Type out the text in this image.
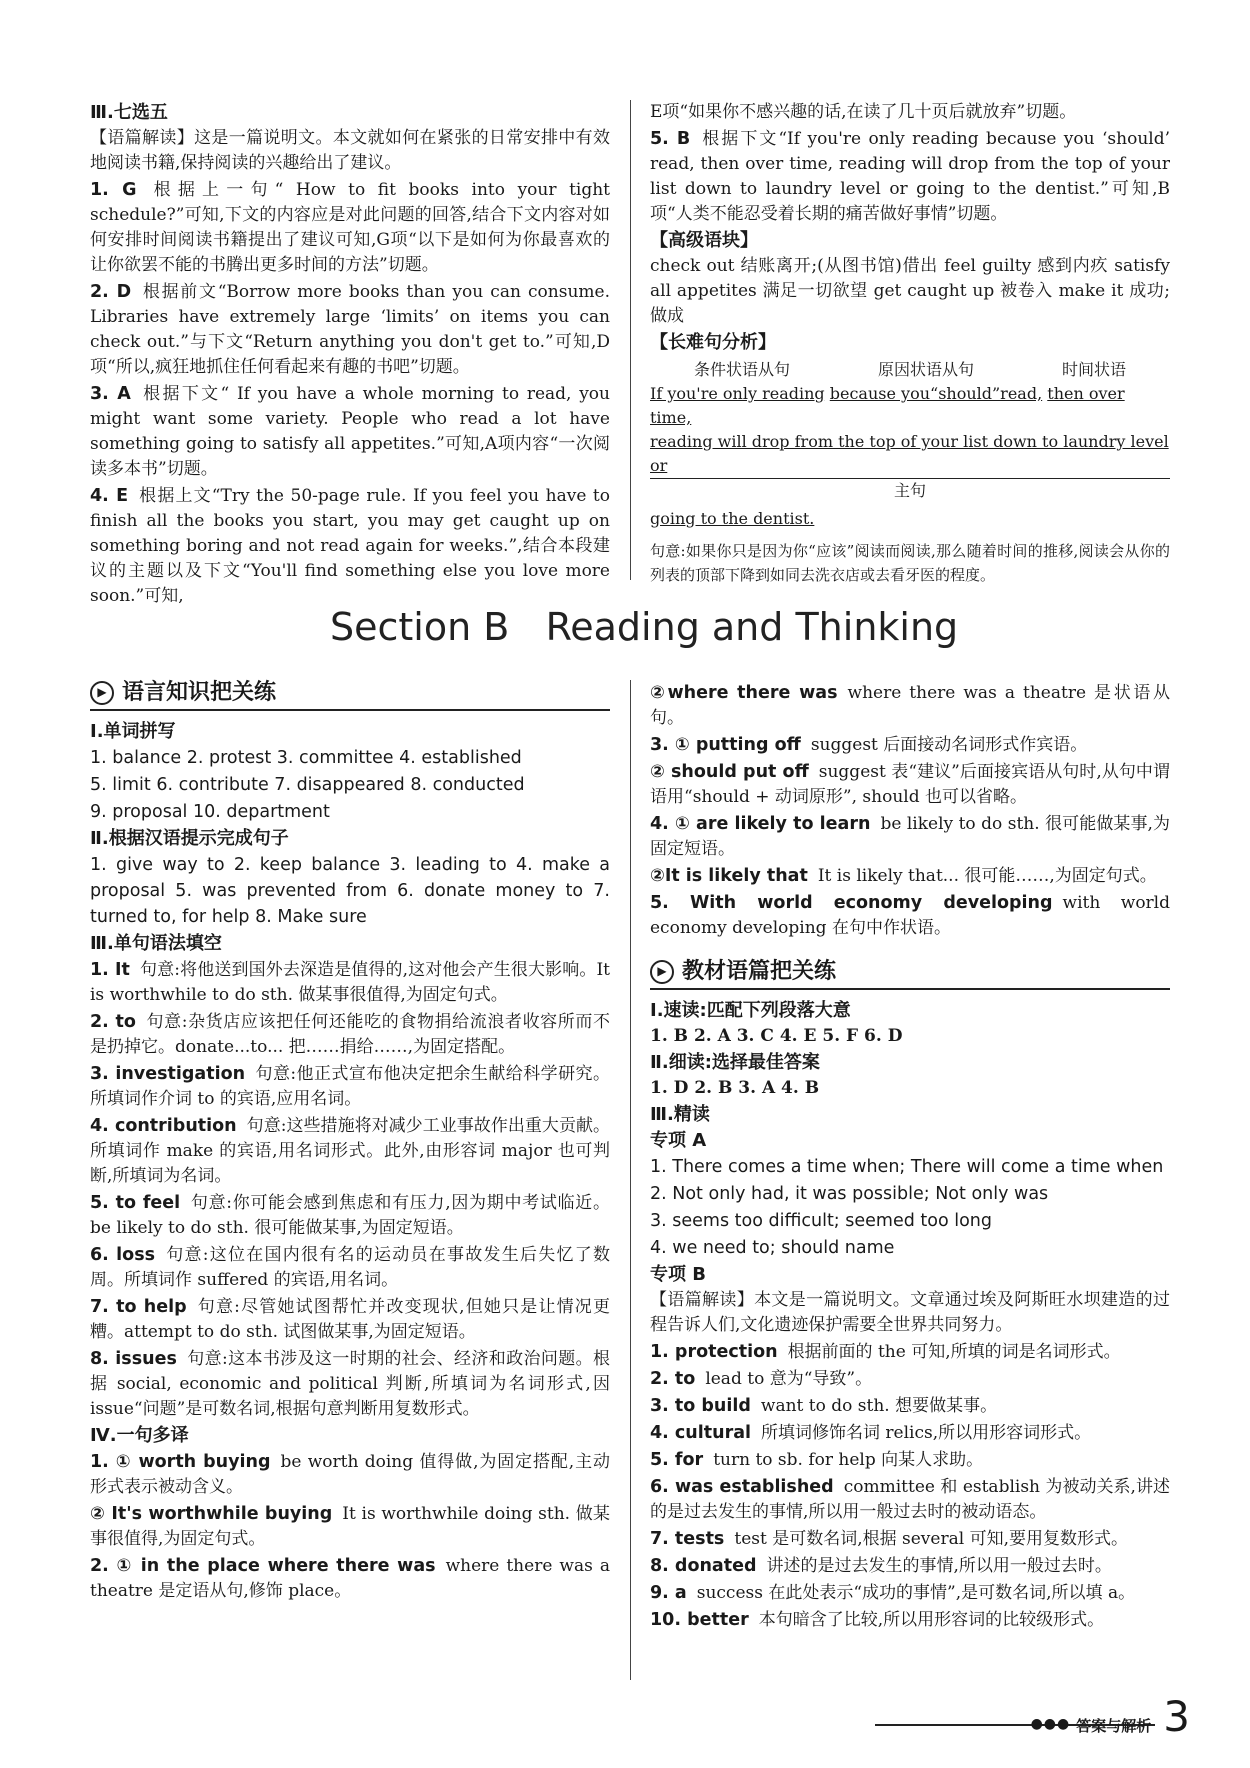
Ⅲ.七选五
【语篇解读】这是一篇说明文。本文就如何在紧张的日常安排中有效地阅读书籍,保持阅读的兴趣给出了建议。
1. G 根据上一句“ How to fit books into your tight schedule?”可知,下文的内容应是对此问题的回答,结合下文内容对如何安排时间阅读书籍提出了建议可知,G项“以下是如何为你最喜欢的让你欲罢不能的书腾出更多时间的方法”切题。
2. D 根据前文“Borrow more books than you can consume. Libraries have extremely large ‘limits’ on items you can check out.”与下文“Return anything you don't get to.”可知,D项“所以,疯狂地抓住任何看起来有趣的书吧”切题。
3. A 根据下文“ If you have a whole morning to read, you might want some variety. People who read a lot have something going to satisfy all appetites.”可知,A项内容“一次阅读多本书”切题。
4. E 根据上文“Try the 50-page rule. If you feel you have to finish all the books you start, you may get caught up on something boring and not read again for weeks.”,结合本段建议的主题以及下文“You'll find something else you love more soon.”可知,
E项“如果你不感兴趣的话,在读了几十页后就放弃”切题。
5. B 根据下文“If you're only reading because you ‘should’ read, then over time, reading will drop from the top of your list down to laundry level or going to the dentist.”可知,B项“人类不能忍受着长期的痛苦做好事情”切题。
【高级语块】
check out 结账离开;(从图书馆)借出 feel guilty 感到内疚 satisfy all appetites 满足一切欲望 get caught up 被卷入 make it 成功;做成
【长难句分析】
条件状语从句	原因状语从句	时间状语
If you're only reading because you“should”read, then over time,
reading will drop from the top of your list down to laundry level or
主句
going to the dentist.
句意:如果你只是因为你“应该”阅读而阅读,那么随着时间的推移,阅读会从你的列表的顶部下降到如同去洗衣店或去看牙医的程度。
Section B   Reading and Thinking
▶ 语言知识把关练
Ⅰ.单词拼写
1. balance 2. protest 3. committee 4. established
5. limit 6. contribute 7. disappeared 8. conducted
9. proposal 10. department
Ⅱ.根据汉语提示完成句子
1. give way to 2. keep balance 3. leading to 4. make a proposal 5. was prevented from 6. donate money to 7. turned to, for help 8. Make sure
Ⅲ.单句语法填空
1. It 句意:将他送到国外去深造是值得的,这对他会产生很大影响。It is worthwhile to do sth. 做某事很值得,为固定句式。
2. to 句意:杂货店应该把任何还能吃的食物捐给流浪者收容所而不是扔掉它。donate...to... 把……捐给……,为固定搭配。
3. investigation 句意:他正式宣布他决定把余生献给科学研究。所填词作介词 to 的宾语,应用名词。
4. contribution 句意:这些措施将对减少工业事故作出重大贡献。所填词作 make 的宾语,用名词形式。此外,由形容词 major 也可判断,所填词为名词。
5. to feel 句意:你可能会感到焦虑和有压力,因为期中考试临近。be likely to do sth. 很可能做某事,为固定短语。
6. loss 句意:这位在国内很有名的运动员在事故发生后失忆了数周。所填词作 suffered 的宾语,用名词。
7. to help 句意:尽管她试图帮忙并改变现状,但她只是让情况更糟。attempt to do sth. 试图做某事,为固定短语。
8. issues 句意:这本书涉及这一时期的社会、经济和政治问题。根据 social, economic and political 判断,所填词为名词形式,因 issue“问题”是可数名词,根据句意判断用复数形式。
Ⅳ.一句多译
1. ① worth buying be worth doing 值得做,为固定搭配,主动形式表示被动含义。
② It's worthwhile buying It is worthwhile doing sth. 做某事很值得,为固定句式。
2. ① in the place where there was where there was a theatre 是定语从句,修饰 place。
②where there was where there was a theatre 是状语从句。
3. ① putting off suggest 后面接动名词形式作宾语。
② should put off suggest 表“建议”后面接宾语从句时,从句中谓语用“should + 动词原形”, should 也可以省略。
4. ① are likely to learn be likely to do sth. 很可能做某事,为固定短语。
②It is likely that It is likely that... 很可能……,为固定句式。
5. With world economy developing with world economy developing 在句中作状语。
▶ 教材语篇把关练
Ⅰ.速读:匹配下列段落大意
1. B 2. A 3. C 4. E 5. F 6. D
Ⅱ.细读:选择最佳答案
1. D 2. B 3. A 4. B
Ⅲ.精读
专项 A
1. There comes a time when; There will come a time when
2. Not only had, it was possible; Not only was
3. seems too difficult; seemed too long
4. we need to; should name
专项 B
【语篇解读】本文是一篇说明文。文章通过埃及阿斯旺水坝建造的过程告诉人们,文化遗迹保护需要全世界共同努力。
1. protection 根据前面的 the 可知,所填的词是名词形式。
2. to lead to 意为“导致”。
3. to build want to do sth. 想要做某事。
4. cultural 所填词修饰名词 relics,所以用形容词形式。
5. for turn to sb. for help 向某人求助。
6. was established committee 和 establish 为被动关系,讲述的是过去发生的事情,所以用一般过去时的被动语态。
7. tests test 是可数名词,根据 several 可知,要用复数形式。
8. donated 讲述的是过去发生的事情,所以用一般过去时。
9. a success 在此处表示“成功的事情”,是可数名词,所以填 a。
10. better 本句暗含了比较,所以用形容词的比较级形式。
●●● 答案与解析 3
